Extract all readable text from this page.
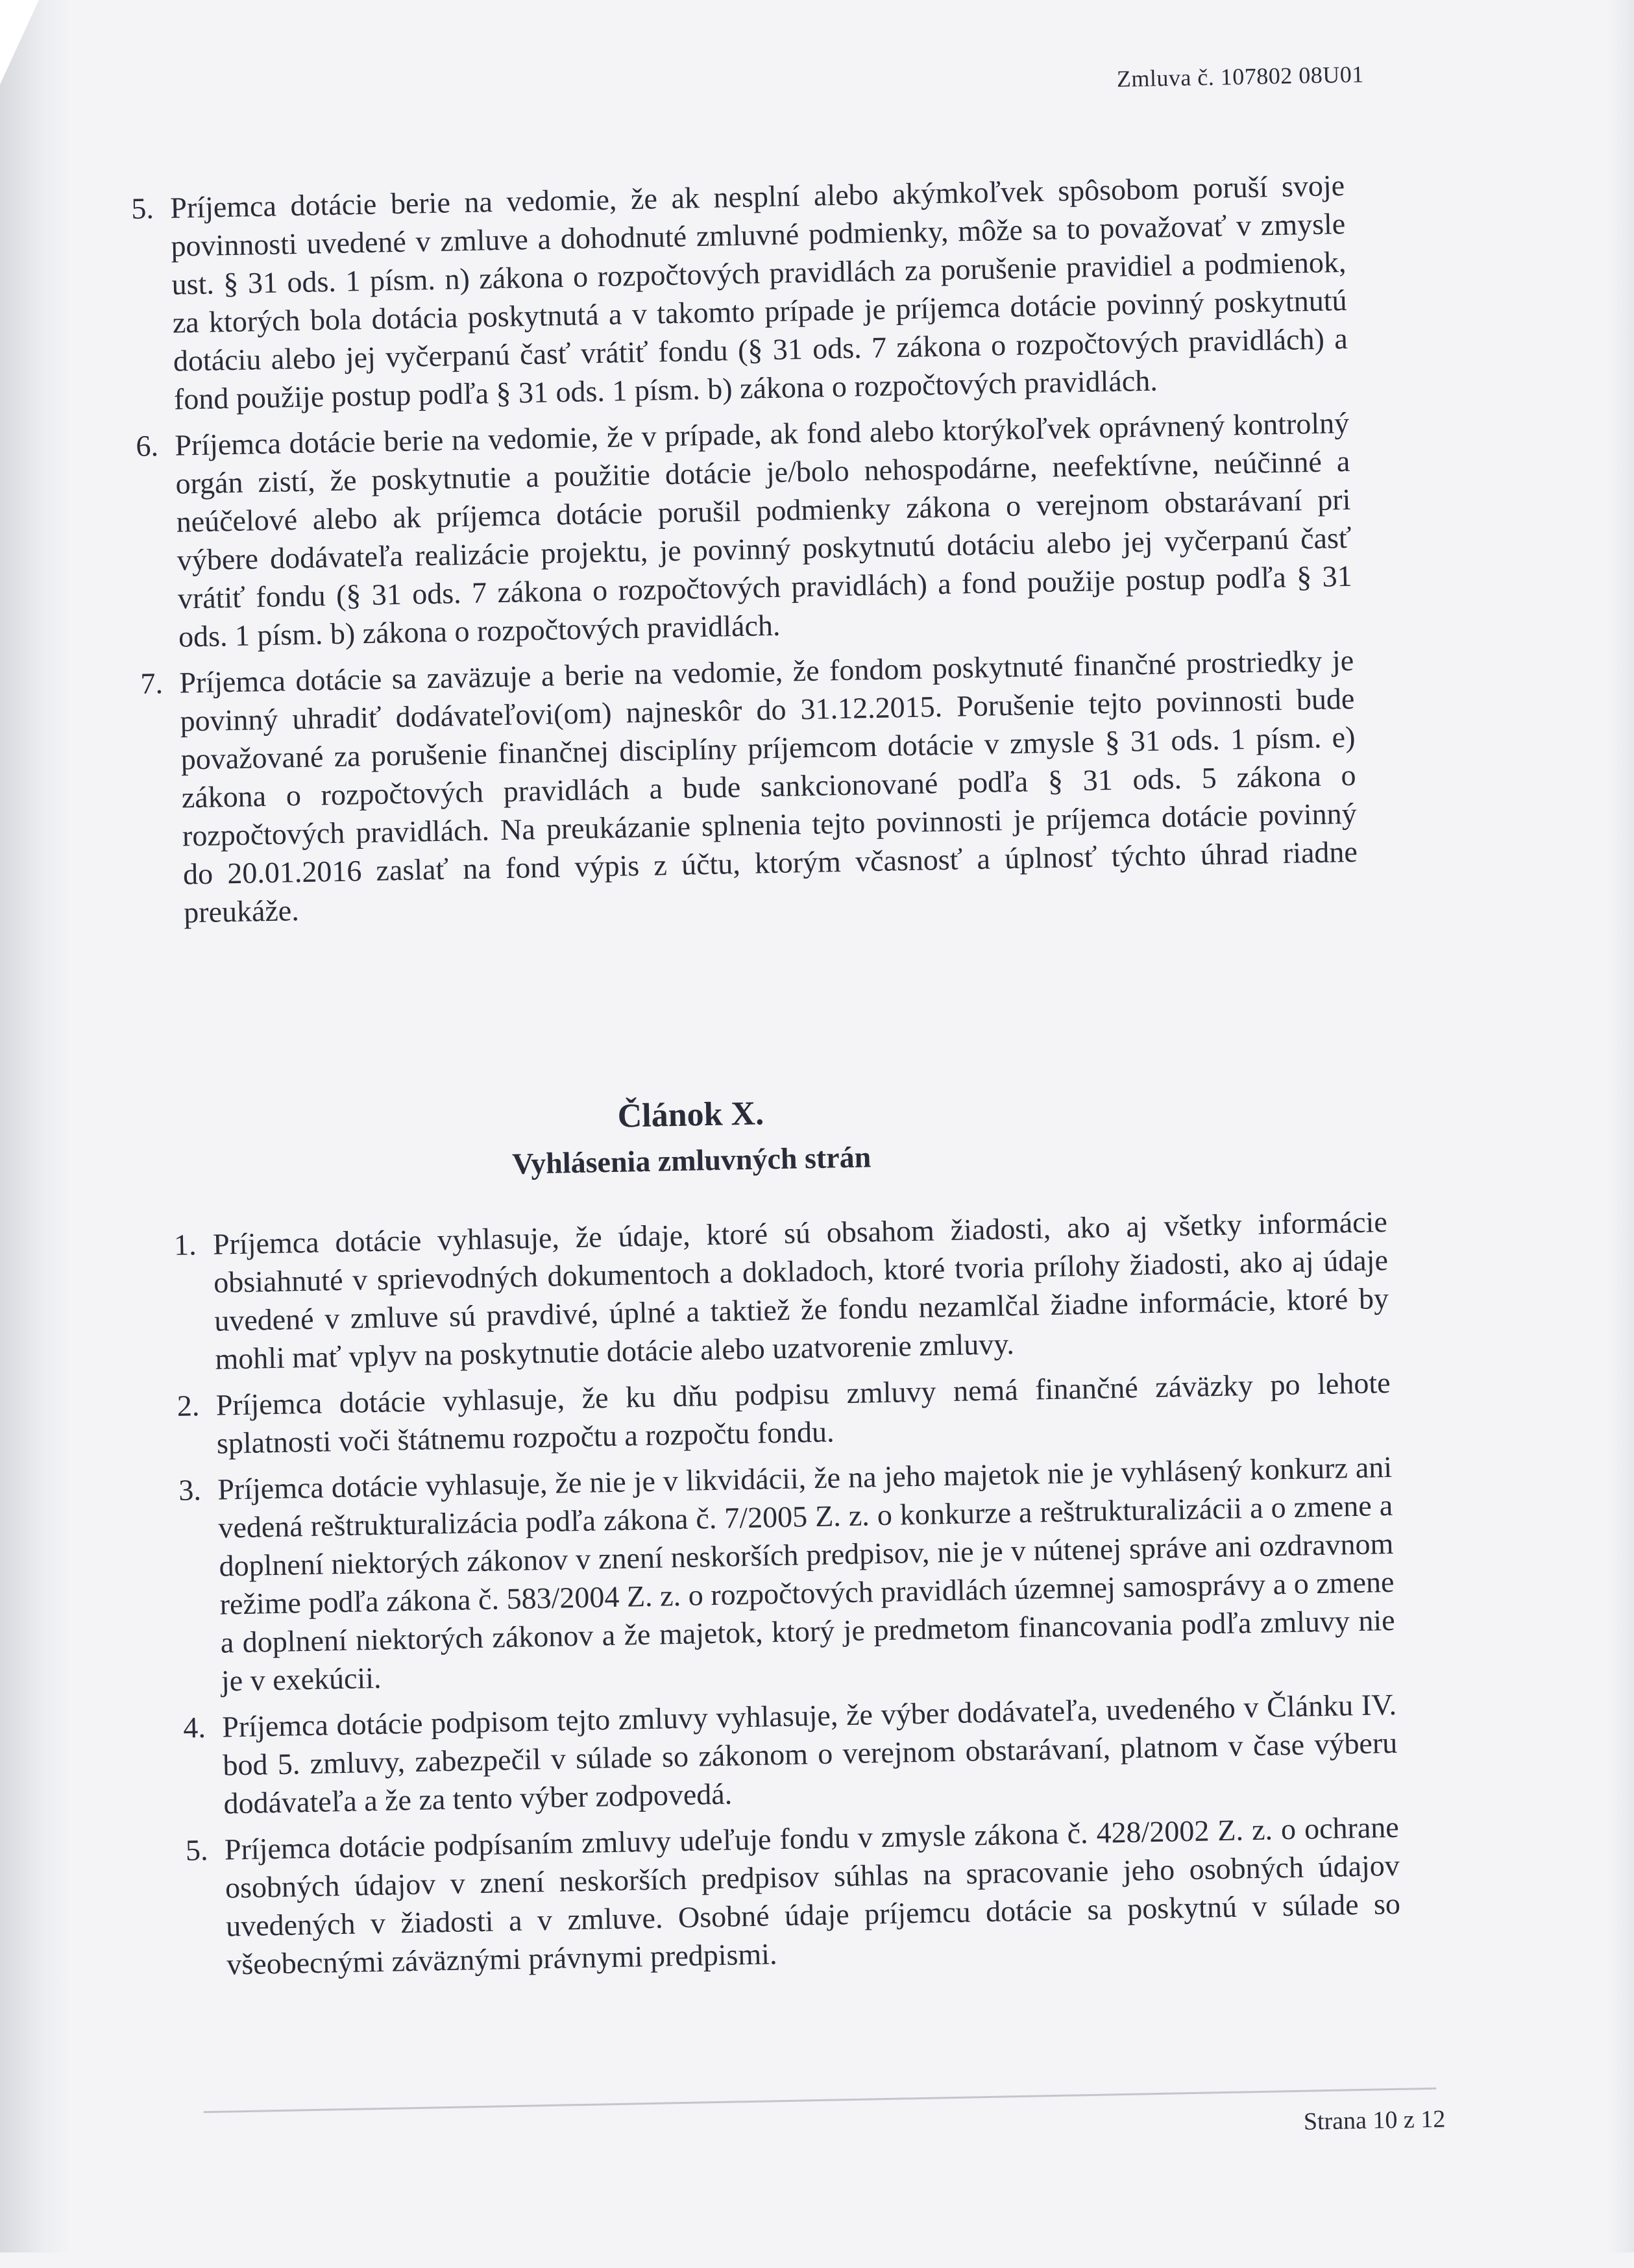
Zmluva č. 107802 08U01
5. Príjemca dotácie berie na vedomie, že ak nesplní alebo akýmkoľvek spôsobom poruší svoje povinnosti uvedené v zmluve a dohodnuté zmluvné podmienky, môže sa to považovať v zmysle ust. § 31 ods. 1 písm. n) zákona o rozpočtových pravidlách za porušenie pravidiel a podmienok, za ktorých bola dotácia poskytnutá a v takomto prípade je príjemca dotácie povinný poskytnutú dotáciu alebo jej vyčerpanú časť vrátiť fondu (§ 31 ods. 7 zákona o rozpočtových pravidlách) a fond použije postup podľa § 31 ods. 1 písm. b) zákona o rozpočtových pravidlách.
6. Príjemca dotácie berie na vedomie, že v prípade, ak fond alebo ktorýkoľvek oprávnený kontrolný orgán zistí, že poskytnutie a použitie dotácie je/bolo nehospodárne, neefektívne, neúčinné a neúčelové alebo ak príjemca dotácie porušil podmienky zákona o verejnom obstarávaní pri výbere dodávateľa realizácie projektu, je povinný poskytnutú dotáciu alebo jej vyčerpanú časť vrátiť fondu (§ 31 ods. 7 zákona o rozpočtových pravidlách) a fond použije postup podľa § 31 ods. 1 písm. b) zákona o rozpočtových pravidlách.
7. Príjemca dotácie sa zaväzuje a berie na vedomie, že fondom poskytnuté finančné prostriedky je povinný uhradiť dodávateľovi(om) najneskôr do 31.12.2015. Porušenie tejto povinnosti bude považované za porušenie finančnej disciplíny príjemcom dotácie v zmysle § 31 ods. 1 písm. e) zákona o rozpočtových pravidlách a bude sankcionované podľa § 31 ods. 5 zákona o rozpočtových pravidlách. Na preukázanie splnenia tejto povinnosti je príjemca dotácie povinný do 20.01.2016 zaslať na fond výpis z účtu, ktorým včasnosť a úplnosť týchto úhrad riadne preukáže.
Článok X.
Vyhlásenia zmluvných strán
1. Príjemca dotácie vyhlasuje, že údaje, ktoré sú obsahom žiadosti, ako aj všetky informácie obsiahnuté v sprievodných dokumentoch a dokladoch, ktoré tvoria prílohy žiadosti, ako aj údaje uvedené v zmluve sú pravdivé, úplné a taktiež že fondu nezamlčal žiadne informácie, ktoré by mohli mať vplyv na poskytnutie dotácie alebo uzatvorenie zmluvy.
2. Príjemca dotácie vyhlasuje, že ku dňu podpisu zmluvy nemá finančné záväzky po lehote splatnosti voči štátnemu rozpočtu a rozpočtu fondu.
3. Príjemca dotácie vyhlasuje, že nie je v likvidácii, že na jeho majetok nie je vyhlásený konkurz ani vedená reštrukturalizácia podľa zákona č. 7/2005 Z. z. o konkurze a reštrukturalizácii a o zmene a doplnení niektorých zákonov v znení neskorších predpisov, nie je v nútenej správe ani ozdravnom režime podľa zákona č. 583/2004 Z. z. o rozpočtových pravidlách územnej samosprávy a o zmene a doplnení niektorých zákonov a že majetok, ktorý je predmetom financovania podľa zmluvy nie je v exekúcii.
4. Príjemca dotácie podpisom tejto zmluvy vyhlasuje, že výber dodávateľa, uvedeného v Článku IV. bod 5. zmluvy, zabezpečil v súlade so zákonom o verejnom obstarávaní, platnom v čase výberu dodávateľa a že za tento výber zodpovedá.
5. Príjemca dotácie podpísaním zmluvy udeľuje fondu v zmysle zákona č. 428/2002 Z. z. o ochrane osobných údajov v znení neskorších predpisov súhlas na spracovanie jeho osobných údajov uvedených v žiadosti a v zmluve. Osobné údaje príjemcu dotácie sa poskytnú v súlade so všeobecnými záväznými právnymi predpismi.
Strana 10 z 12
